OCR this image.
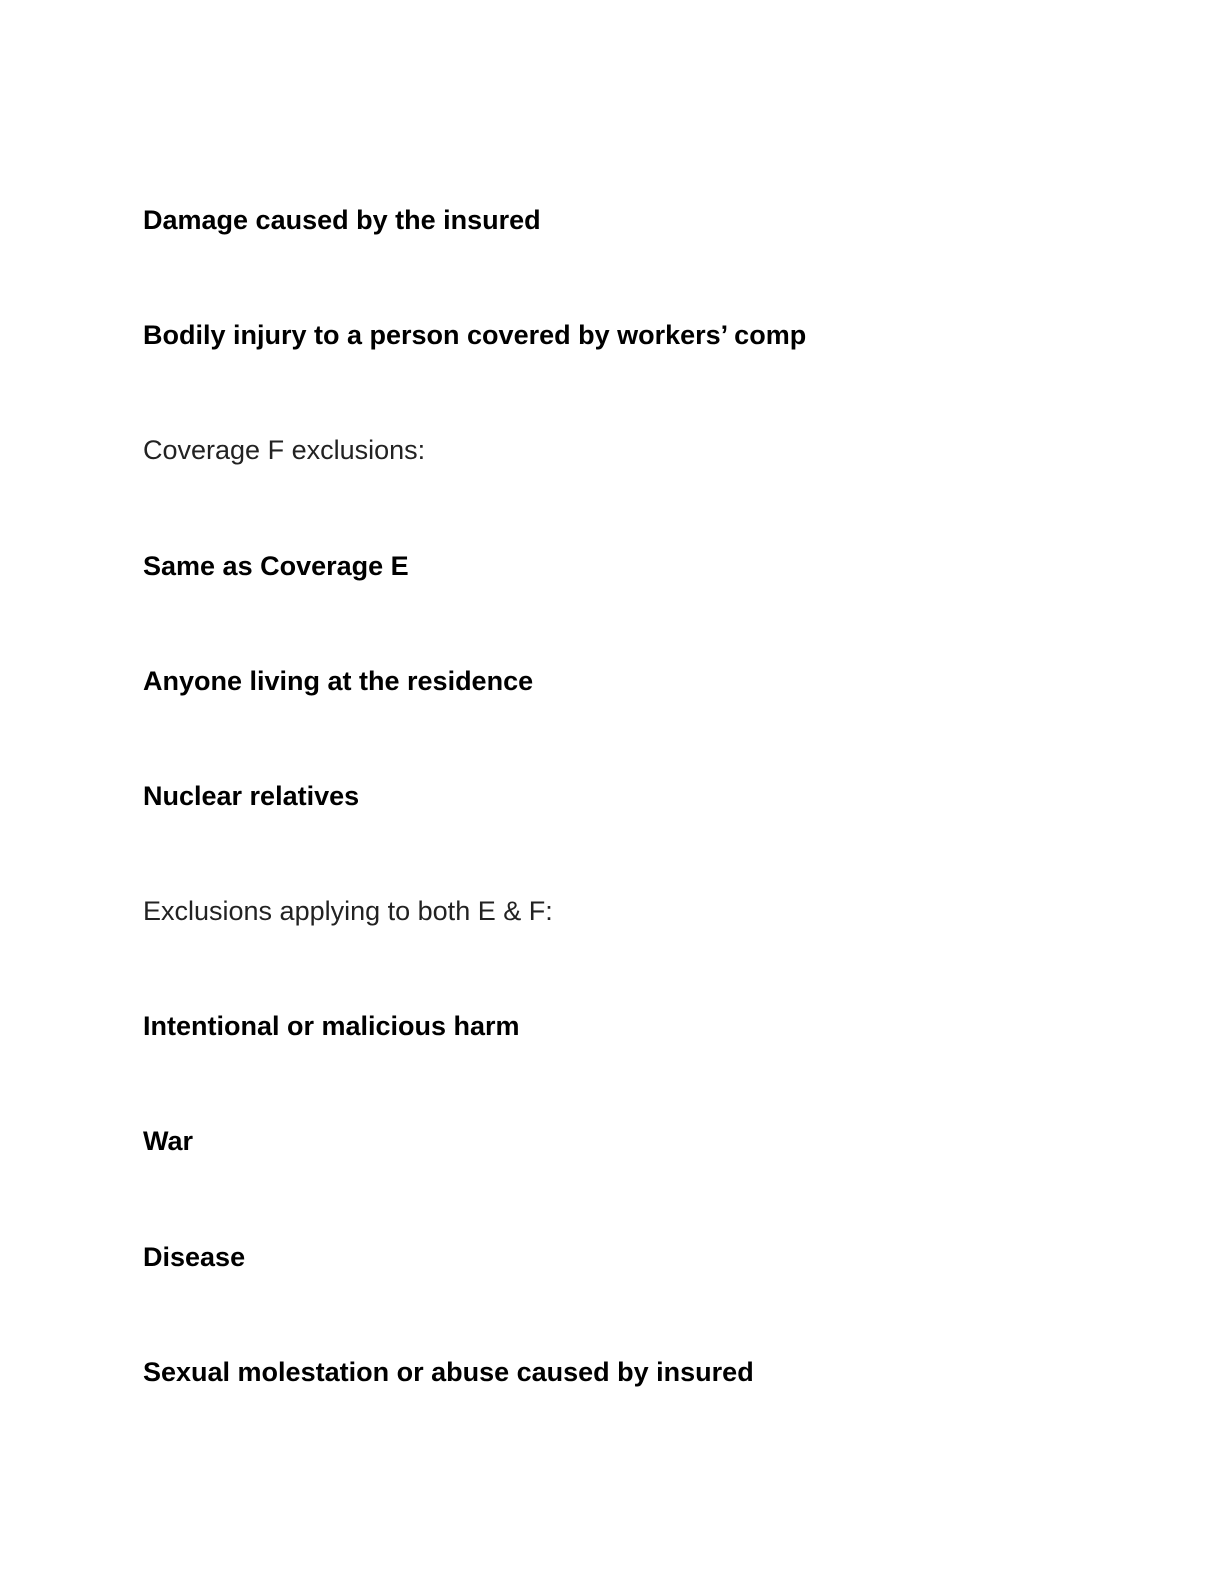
Damage caused by the insured

Bodily injury to a person covered by workers’ comp

Coverage F exclusions:

Same as Coverage E

Anyone living at the residence

Nuclear relatives

Exclusions applying to both E & F:

Intentional or malicious harm

War

Disease

Sexual molestation or abuse caused by insured
